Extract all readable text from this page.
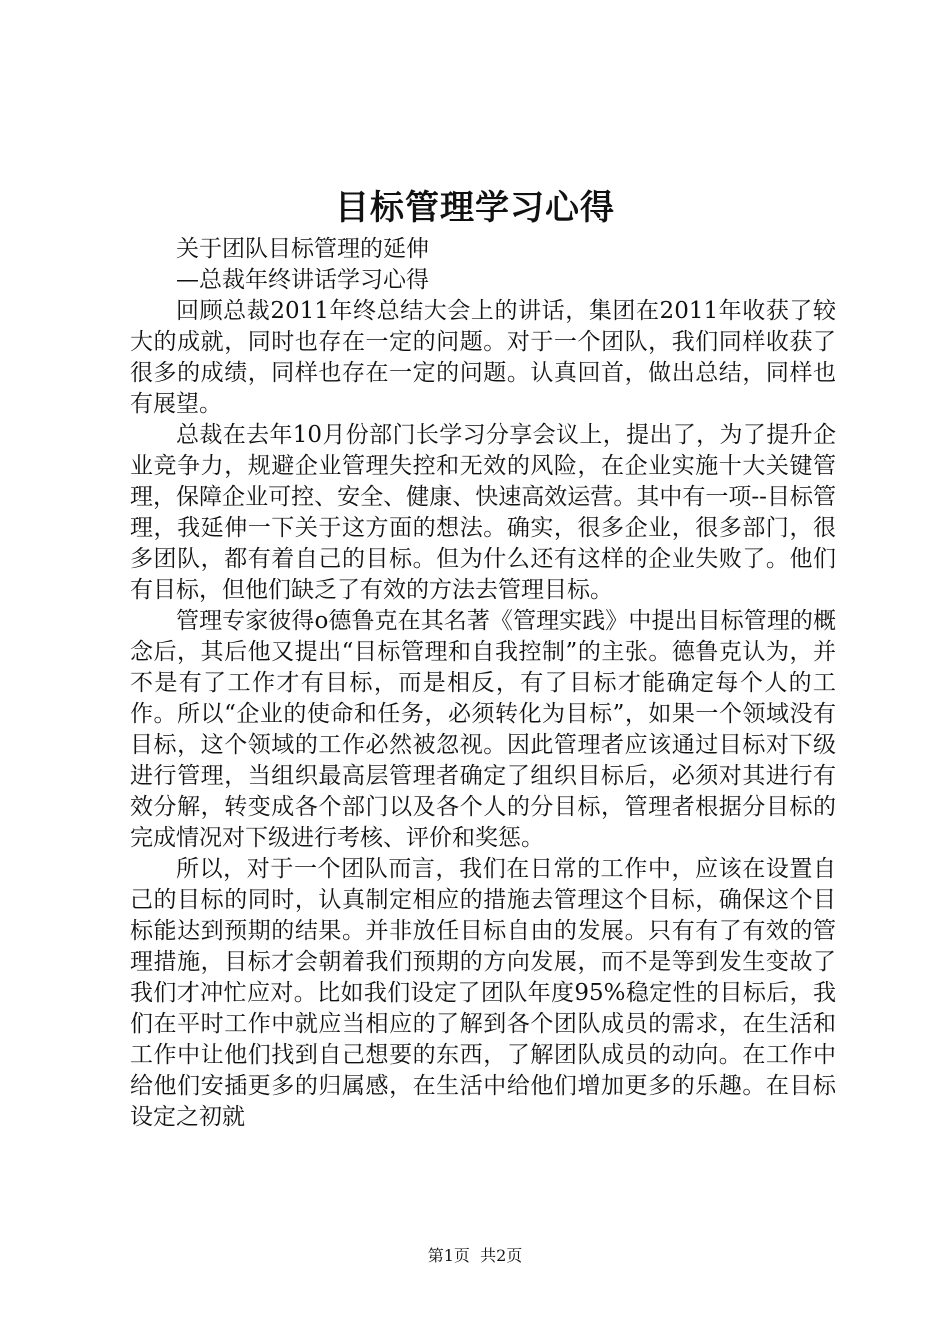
目标管理学习心得

关于团队目标管理的延伸

—总裁年终讲话学习心得

回顾总裁2011年终总结大会上的讲话，集团在2011年收获了较大的成就，同时也存在一定的问题。对于一个团队，我们同样收获了很多的成绩，同样也存在一定的问题。认真回首，做出总结，同样也有展望。

总裁在去年10月份部门长学习分享会议上，提出了，为了提升企业竞争力，规避企业管理失控和无效的风险，在企业实施十大关键管理，保障企业可控、安全、健康、快速高效运营。其中有一项--目标管理，我延伸一下关于这方面的想法。确实，很多企业，很多部门，很多团队，都有着自己的目标。但为什么还有这样的企业失败了。他们有目标，但他们缺乏了有效的方法去管理目标。

管理专家彼得o德鲁克在其名著《管理实践》中提出目标管理的概念后，其后他又提出“目标管理和自我控制”的主张。德鲁克认为，并不是有了工作才有目标，而是相反，有了目标才能确定每个人的工作。所以“企业的使命和任务，必须转化为目标”，如果一个领域没有目标，这个领域的工作必然被忽视。因此管理者应该通过目标对下级进行管理，当组织最高层管理者确定了组织目标后，必须对其进行有效分解，转变成各个部门以及各个人的分目标，管理者根据分目标的完成情况对下级进行考核、评价和奖惩。

所以，对于一个团队而言，我们在日常的工作中，应该在设置自己的目标的同时，认真制定相应的措施去管理这个目标，确保这个目标能达到预期的结果。并非放任目标自由的发展。只有有了有效的管理措施，目标才会朝着我们预期的方向发展，而不是等到发生变故了我们才冲忙应对。比如我们设定了团队年度95%稳定性的目标后，我们在平时工作中就应当相应的了解到各个团队成员的需求，在生活和工作中让他们找到自己想要的东西，了解团队成员的动向。在工作中给他们安插更多的归属感，在生活中给他们增加更多的乐趣。在目标设定之初就

第1页  共2页
